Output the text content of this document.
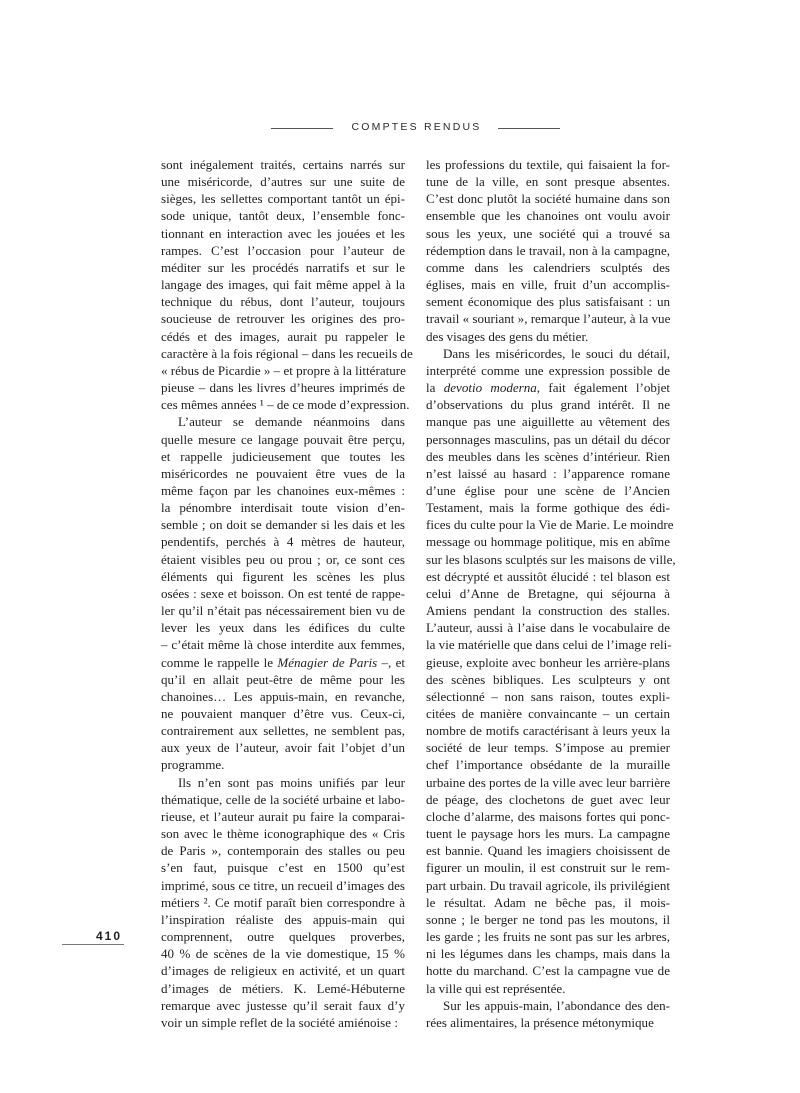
COMPTES RENDUS
sont inégalement traités, certains narrés sur
une miséricorde, d’autres sur une suite de
sièges, les sellettes comportant tantôt un épi-
sode unique, tantôt deux, l’ensemble fonc-
tionnant en interaction avec les jouées et les
rampes. C’est l’occasion pour l’auteur de
méditer sur les procédés narratifs et sur le
langage des images, qui fait même appel à la
technique du rébus, dont l’auteur, toujours
soucieuse de retrouver les origines des pro-
cédés et des images, aurait pu rappeler le
caractère à la fois régional – dans les recueils de
« rébus de Picardie » – et propre à la littérature
pieuse – dans les livres d’heures imprimés de
ces mêmes années ¹ – de ce mode d’expression.
L’auteur se demande néanmoins dans
quelle mesure ce langage pouvait être perçu,
et rappelle judicieusement que toutes les
miséricordes ne pouvaient être vues de la
même façon par les chanoines eux-mêmes :
la pénombre interdisait toute vision d’en-
semble ; on doit se demander si les dais et les
pendentifs, perchés à 4 mètres de hauteur,
étaient visibles peu ou prou ; or, ce sont ces
éléments qui figurent les scènes les plus
osées : sexe et boisson. On est tenté de rappe-
ler qu’il n’était pas nécessairement bien vu de
lever les yeux dans les édifices du culte
– c’était même là chose interdite aux femmes,
comme le rappelle le Ménagier de Paris –, et
qu’il en allait peut-être de même pour les
chanoines… Les appuis-main, en revanche,
ne pouvaient manquer d’être vus. Ceux-ci,
contrairement aux sellettes, ne semblent pas,
aux yeux de l’auteur, avoir fait l’objet d’un
programme.
Ils n’en sont pas moins unifiés par leur
thématique, celle de la société urbaine et labo-
rieuse, et l’auteur aurait pu faire la comparai-
son avec le thème iconographique des « Cris
de Paris », contemporain des stalles ou peu
s’en faut, puisque c’est en 1500 qu’est
imprimé, sous ce titre, un recueil d’images des
métiers ². Ce motif paraît bien correspondre à
l’inspiration réaliste des appuis-main qui
comprennent, outre quelques proverbes,
40 % de scènes de la vie domestique, 15 %
d’images de religieux en activité, et un quart
d’images de métiers. K. Lemé-Hébuterne
remarque avec justesse qu’il serait faux d’y
voir un simple reflet de la société amiénoise :
les professions du textile, qui faisaient la for-
tune de la ville, en sont presque absentes.
C’est donc plutôt la société humaine dans son
ensemble que les chanoines ont voulu avoir
sous les yeux, une société qui a trouvé sa
rédemption dans le travail, non à la campagne,
comme dans les calendriers sculptés des
églises, mais en ville, fruit d’un accomplis-
sement économique des plus satisfaisant : un
travail « souriant », remarque l’auteur, à la vue
des visages des gens du métier.
Dans les miséricordes, le souci du détail,
interprété comme une expression possible de
la devotio moderna, fait également l’objet
d’observations du plus grand intérêt. Il ne
manque pas une aiguillette au vêtement des
personnages masculins, pas un détail du décor
des meubles dans les scènes d’intérieur. Rien
n’est laissé au hasard : l’apparence romane
d’une église pour une scène de l’Ancien
Testament, mais la forme gothique des édi-
fices du culte pour la Vie de Marie. Le moindre
message ou hommage politique, mis en abîme
sur les blasons sculptés sur les maisons de ville,
est décrypté et aussitôt élucidé : tel blason est
celui d’Anne de Bretagne, qui séjourna à
Amiens pendant la construction des stalles.
L’auteur, aussi à l’aise dans le vocabulaire de
la vie matérielle que dans celui de l’image reli-
gieuse, exploite avec bonheur les arrière-plans
des scènes bibliques. Les sculpteurs y ont
sélectionné – non sans raison, toutes expli-
citées de manière convaincante – un certain
nombre de motifs caractérisant à leurs yeux la
société de leur temps. S’impose au premier
chef l’importance obsédante de la muraille
urbaine des portes de la ville avec leur barrière
de péage, des clochetons de guet avec leur
cloche d’alarme, des maisons fortes qui ponc-
tuent le paysage hors les murs. La campagne
est bannie. Quand les imagiers choisissent de
figurer un moulin, il est construit sur le rem-
part urbain. Du travail agricole, ils privilégient
le résultat. Adam ne bêche pas, il mois-
sonne ; le berger ne tond pas les moutons, il
les garde ; les fruits ne sont pas sur les arbres,
ni les légumes dans les champs, mais dans la
hotte du marchand. C’est la campagne vue de
la ville qui est représentée.
Sur les appuis-main, l’abondance des den-
rées alimentaires, la présence métonymique
410
